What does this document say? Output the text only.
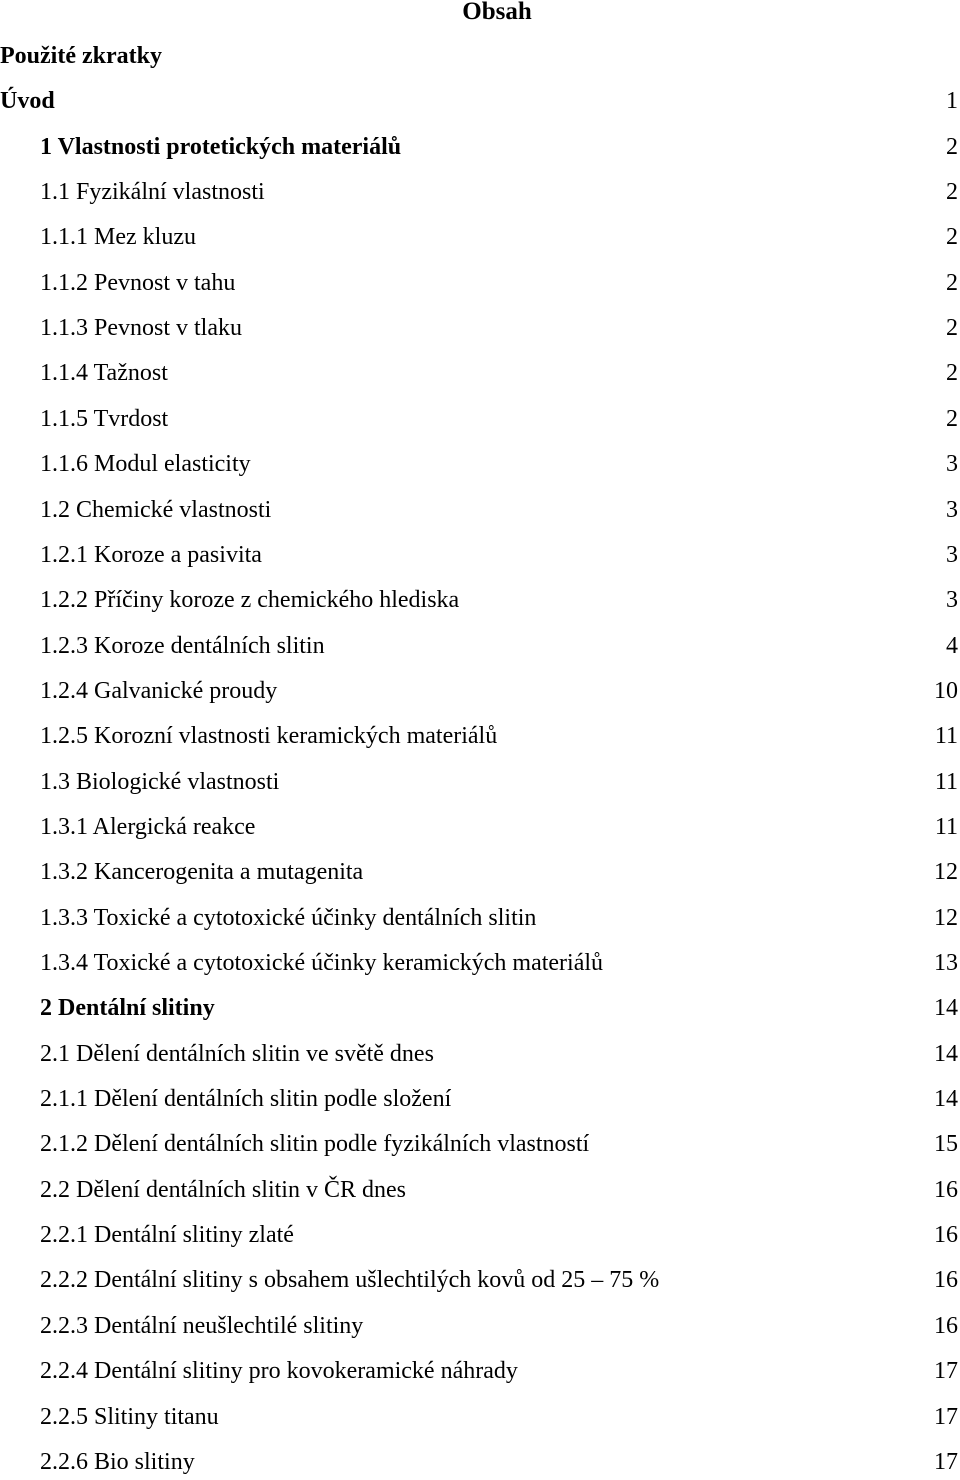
Obsah
Použité zkratky
Úvod	1
1 Vlastnosti protetických materiálů	2
1.1 Fyzikální vlastnosti	2
1.1.1 Mez kluzu	2
1.1.2 Pevnost v tahu	2
1.1.3 Pevnost v tlaku	2
1.1.4 Tažnost	2
1.1.5 Tvrdost	2
1.1.6 Modul elasticity	3
1.2 Chemické vlastnosti	3
1.2.1 Koroze a pasivita	3
1.2.2 Příčiny koroze z chemického hlediska	3
1.2.3 Koroze dentálních slitin	4
1.2.4 Galvanické proudy	10
1.2.5 Korozní vlastnosti keramických materiálů	11
1.3 Biologické vlastnosti	11
1.3.1 Alergická reakce	11
1.3.2 Kancerogenita a mutagenita	12
1.3.3 Toxické a cytotoxické účinky dentálních slitin	12
1.3.4 Toxické a cytotoxické účinky keramických materiálů	13
2 Dentální slitiny	14
2.1 Dělení dentálních slitin ve světě dnes	14
2.1.1 Dělení dentálních slitin podle složení	14
2.1.2 Dělení dentálních slitin podle fyzikálních vlastností	15
2.2 Dělení dentálních slitin v ČR dnes	16
2.2.1 Dentální slitiny zlaté	16
2.2.2 Dentální slitiny s obsahem ušlechtilých kovů od 25 – 75 %	16
2.2.3 Dentální neušlechtilé slitiny	16
2.2.4 Dentální slitiny pro kovokeramické náhrady	17
2.2.5 Slitiny titanu	17
2.2.6 Bio slitiny	17
